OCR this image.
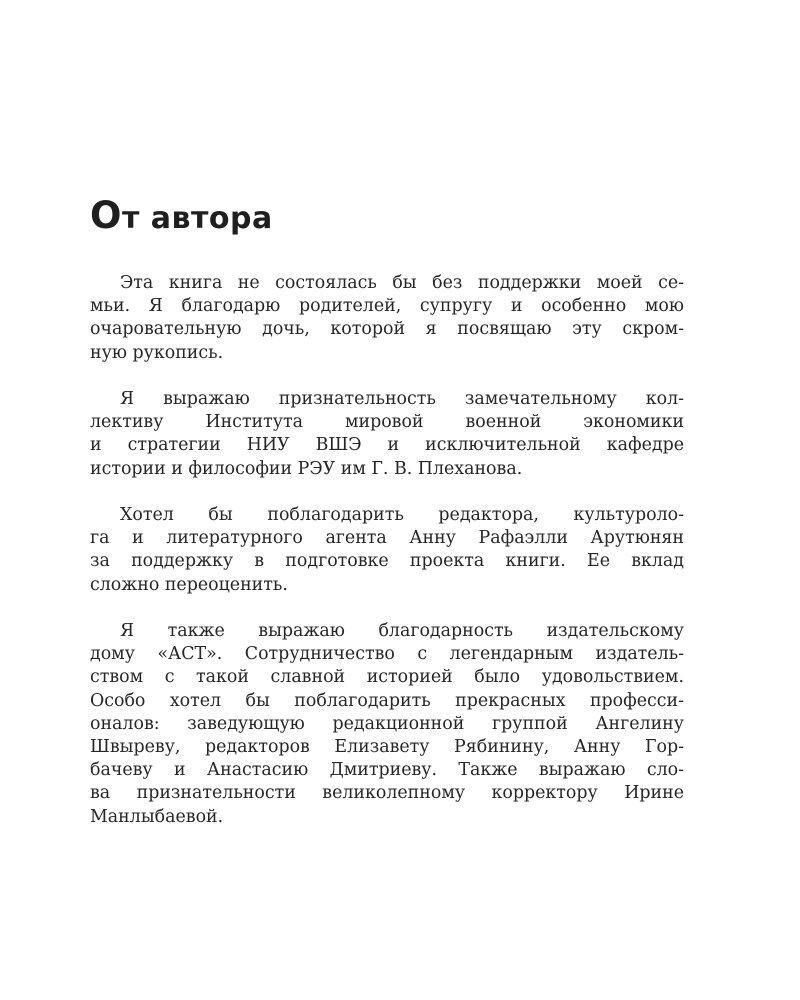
От автора

Эта книга не состоялась бы без поддержки моей се-
мьи. Я благодарю родителей, супругу и особенно мою
очаровательную дочь, которой я посвящаю эту скром-
ную рукопись.

Я выражаю признательность замечательному кол-
лективу Института мировой военной экономики
и стратегии НИУ ВШЭ и исключительной кафедре
истории и философии РЭУ им Г. В. Плеханова.

Хотел бы поблагодарить редактора, культуроло-
га и литературного агента Анну Рафаэлли Арутюнян
за поддержку в подготовке проекта книги. Ее вклад
сложно переоценить.

Я также выражаю благодарность издательскому
дому «АСТ». Сотрудничество с легендарным издатель-
ством с такой славной историей было удовольствием.
Особо хотел бы поблагодарить прекрасных професси-
оналов: заведующую редакционной группой Ангелину
Швыреву, редакторов Елизавету Рябинину, Анну Гор-
бачеву и Анастасию Дмитриеву. Также выражаю сло-
ва признательности великолепному корректору Ирине
Манлыбаевой.
